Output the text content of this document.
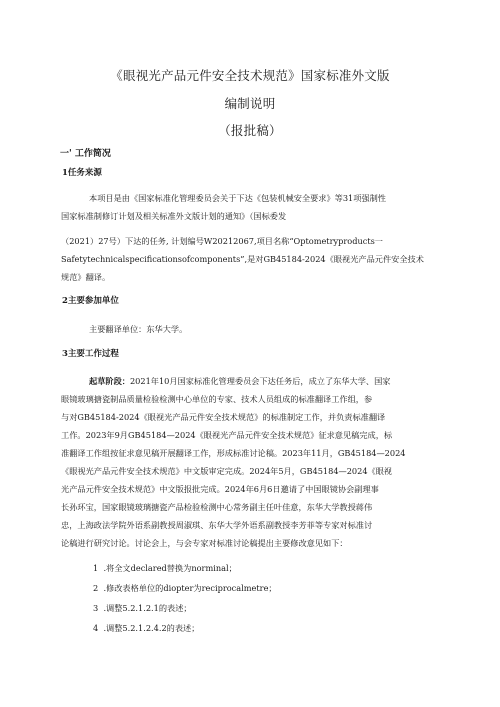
《眼视光产品元件安全技术规范》国家标准外文版
编制说明
（报批稿）
一' 工作简况
1任务来源
本项目是由《国家标准化管理委员会关于下达《包装机械安全要求》等31项强制性
国家标准制修订计划及相关标准外文版计划的通知》（国标委发
（2021）27号）下达的任务, 计划编号W20212067,项目名称“Optometryproducts一
Safetytechnicalspecificationsofcomponents”,是对GB45184-2024《眼视光产品元件安全技术
规范》翻译。
2主要参加单位
主要翻译单位：东华大学。
3主要工作过程
起草阶段：2021年10月国家标准化管理委员会下达任务后，成立了东华大学、国家
眼镜玻璃搪瓷制品质量检验检测中心单位的专家、技术人员组成的标准翻译工作组，参
与对GB45184-2024《眼视光产品元件安全技术规范》的标准制定工作，并负责标准翻译
工作。2023年9月GB45184—2024《眼视光产品元件安全技术规范》征求意见稿完成，标
准翻译工作组按征求意见稿开展翻译工作，形成标准讨论稿。2023年11月，GB45184—2024
《眼视光产品元件安全技术规范》中文版审定完成。2024年5月，GB45184—2024《眼视
光产品元件安全技术规范》中文版报批完成。2024年6月6日邀请了中国眼镜协会副理事
长孙环宝，国家眼镜玻璃搪瓷产品检验检测中心常务副主任叶佳意，东华大学教授蒋伟
忠，上海政法学院外语系副教授周淑琪、东华大学外语系副教授李芳菲等专家对标准讨
论稿进行研究讨论。讨论会上，与会专家对标准讨论稿提出主要修改意见如下：
1 .将全文declared替换为norminal；
2 .修改表格单位的diopter为reciprocalmetre；
3 .调整5.2.1.2.1的表述；
4 .调整5.2.1.2.4.2的表述；
